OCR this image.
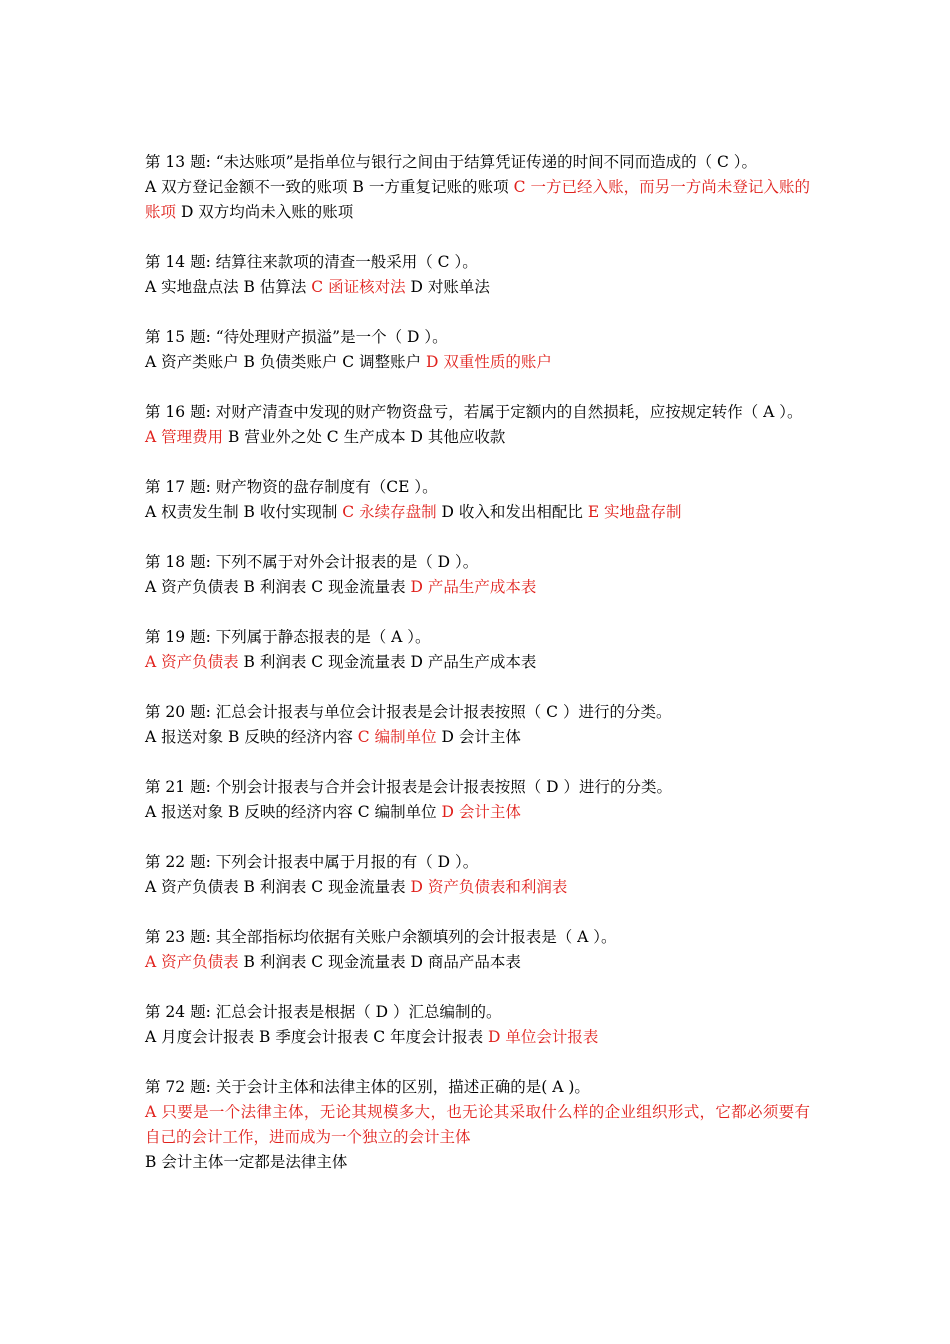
第 13 题: “未达账项”是指单位与银行之间由于结算凭证传递的时间不同而造成的（ C ）。
A 双方登记金额不一致的账项 B 一方重复记账的账项 C 一方已经入账，而另一方尚未登记入账的账项 D 双方均尚未入账的账项
第 14 题: 结算往来款项的清查一般采用（ C ）。
A 实地盘点法 B 估算法 C 函证核对法 D 对账单法
第 15 题: “待处理财产损溢”是一个（ D ）。
A 资产类账户 B 负债类账户 C 调整账户 D 双重性质的账户
第 16 题: 对财产清查中发现的财产物资盘亏，若属于定额内的自然损耗，应按规定转作（ A ）。
A 管理费用 B 营业外之处 C 生产成本 D 其他应收款
第 17 题: 财产物资的盘存制度有（CE ）。
A 权责发生制 B 收付实现制 C 永续存盘制 D 收入和发出相配比 E 实地盘存制
第 18 题: 下列不属于对外会计报表的是（ D ）。
A 资产负债表 B 利润表 C 现金流量表 D 产品生产成本表
第 19 题: 下列属于静态报表的是（ A ）。
A 资产负债表 B 利润表 C 现金流量表 D 产品生产成本表
第 20 题: 汇总会计报表与单位会计报表是会计报表按照（ C ）进行的分类。
A 报送对象 B 反映的经济内容 C 编制单位 D 会计主体
第 21 题: 个别会计报表与合并会计报表是会计报表按照（ D ）进行的分类。
A 报送对象 B 反映的经济内容 C 编制单位 D 会计主体
第 22 题: 下列会计报表中属于月报的有（ D ）。
A 资产负债表 B 利润表 C 现金流量表 D 资产负债表和利润表
第 23 题: 其全部指标均依据有关账户余额填列的会计报表是（ A ）。
A 资产负债表 B 利润表 C 现金流量表 D 商品产品本表
第 24 题: 汇总会计报表是根据（ D ）汇总编制的。
A 月度会计报表 B 季度会计报表 C 年度会计报表 D 单位会计报表
第 72 题: 关于会计主体和法律主体的区别，描述正确的是( A )。
A 只要是一个法律主体，无论其规模多大，也无论其采取什么样的企业组织形式，它都必须要有自己的会计工作，进而成为一个独立的会计主体
B 会计主体一定都是法律主体
